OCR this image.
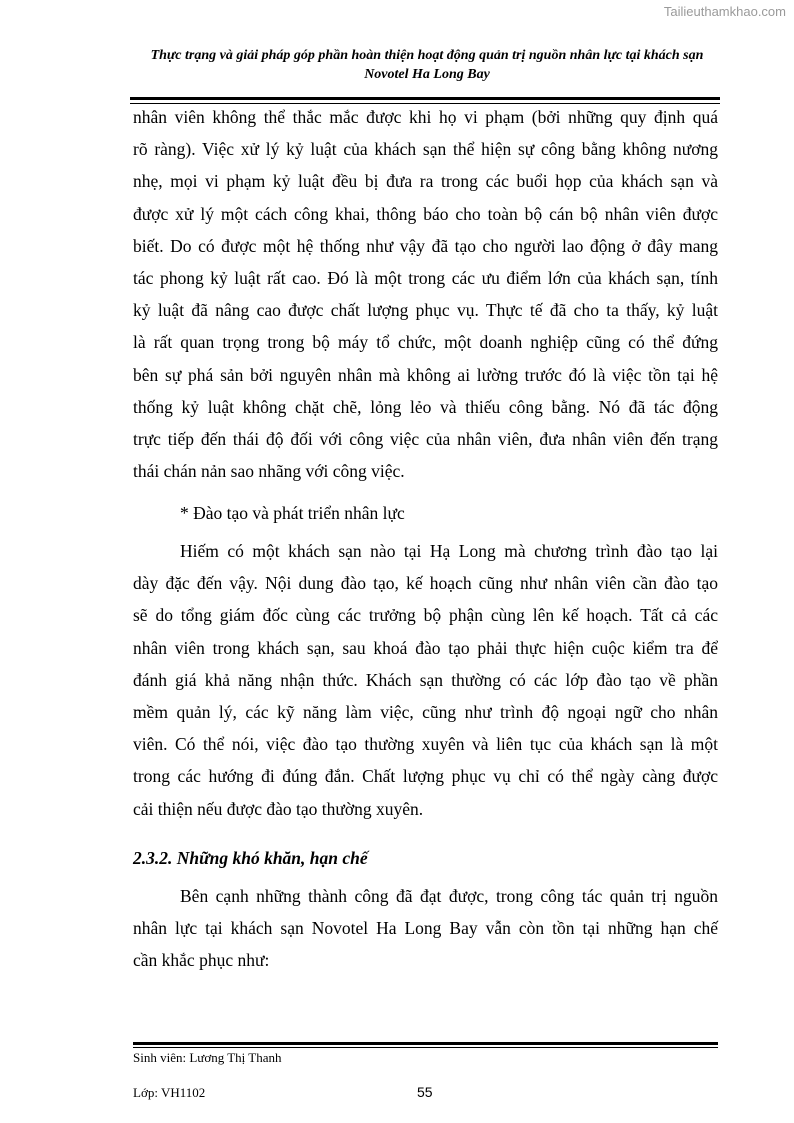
Tailieuthamkhao.com
Thực trạng và giải pháp góp phần hoàn thiện hoạt động quản trị nguồn nhân lực tại khách sạn
Novotel Ha Long Bay
nhân viên không thể thắc mắc được khi họ vi phạm (bởi những quy định quá
rõ ràng). Việc xử lý kỷ luật của khách sạn thể hiện sự công bằng không nương
nhẹ, mọi vi phạm kỷ luật đều bị đưa ra trong các buổi họp của khách sạn và
được xử lý một cách công khai, thông báo cho toàn bộ cán bộ nhân viên được
biết. Do có được một hệ thống như vậy đã tạo cho người lao động ở đây mang
tác phong kỷ luật rất cao. Đó là một trong các ưu điểm lớn của khách sạn, tính
kỷ luật đã nâng cao được chất lượng phục vụ. Thực tế đã cho ta thấy, kỷ luật
là rất quan trọng trong bộ máy tổ chức, một doanh nghiệp cũng có thể đứng
bên sự phá sản bởi nguyên nhân mà không ai lường trước đó là việc tồn tại hệ
thống kỷ luật không chặt chẽ, lỏng lẻo và thiếu công bằng. Nó đã tác động
trực tiếp đến thái độ đối với công việc của nhân viên, đưa nhân viên đến trạng
thái chán nản sao nhãng với công việc.
* Đào tạo và phát triển nhân lực
Hiếm có một khách sạn nào tại Hạ Long mà chương trình đào tạo lại
dày đặc đến vậy. Nội dung đào tạo, kế hoạch cũng như nhân viên cần đào tạo
sẽ do tổng giám đốc cùng các trưởng bộ phận cùng lên kế hoạch. Tất cả các
nhân viên trong khách sạn, sau khoá đào tạo phải thực hiện cuộc kiểm tra để
đánh giá khả năng nhận thức. Khách sạn thường có các lớp đào tạo về phần
mềm quản lý, các kỹ năng làm việc, cũng như trình độ ngoại ngữ cho nhân
viên. Có thể nói, việc đào tạo thường xuyên và liên tục của khách sạn là một
trong các hướng đi đúng đắn. Chất lượng phục vụ chỉ có thể ngày càng được
cải thiện nếu được đào tạo thường xuyên.
2.3.2. Những khó khăn, hạn chế
Bên cạnh những thành công đã đạt được, trong công tác quản trị nguồn
nhân lực tại khách sạn Novotel Ha Long Bay vẫn còn tồn tại những hạn chế
cần khắc phục như:
Sinh viên: Lương Thị Thanh
Lớp: VH1102	55
